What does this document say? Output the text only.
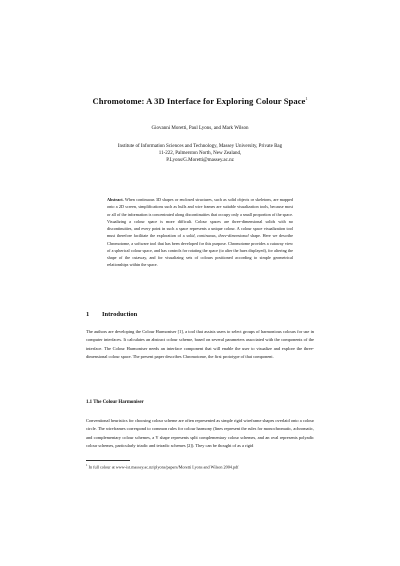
Chromotome: A 3D Interface for Exploring Colour Space$^1$
Giovanni Moretti, Paul Lyons, and Mark Wilson
Institute of Information Sciences and Technology, Massey University, Private Bag
11-222, Palmerston North, New Zealand,
P.Lyons/G.Moretti@massey.ac.nz
Abstract. When continuous 3D shapes or enclosed structures, such as solid objects or skeletons, are mapped onto a 2D screen, simplifications such as hulls and wire frames are suitable visualization tools, because most or all of the information is concentrated along discontinuities that occupy only a small proportion of the space. Visualizing a colour space is more difficult. Colour spaces are three-dimensional solids with no discontinuities, and every point in such a space represents a unique colour. A colour space visualization tool must therefore facilitate the exploration of a solid, continuous, three-dimensional shape. Here we describe Chromotome, a software tool that has been developed for this purpose. Chromotome provides a cutaway view of a spherical colour space, and has controls for rotating the space (to alter the hues displayed), for altering the shape of the cutaway, and for visualizing sets of colours positioned according to simple geometrical relationships within the space.
1 Introduction
The authors are developing the Colour Harmoniser [1], a tool that assists users to select groups of harmonious colours for use in computer interfaces. It calculates an abstract colour scheme, based on several parameters associated with the components of the interface. The Colour Harmoniser needs an interface component that will enable the user to visualize and explore the three-dimensional colour space. The present paper describes Chromotome, the first prototype of that component.
1.1 The Colour Harmoniser
Conventional heuristics for choosing colour scheme are often represented as simple rigid wireframe shapes overlaid onto a colour circle. The wireframes correspond to common rules for colour harmony (lines represent the rules for monochromatic, achromatic, and complementary colour schemes, a Y shape represents split complementary colour schemes, and an oval represents polyadic colour schemes, particularly triadic and tetradic schemes [2]). They can be thought of as a rigid
$^1$ In full colour at www-ist.massey.ac.nz/plyons/papers/Moretti Lyons and Wilson 2004.pdf
